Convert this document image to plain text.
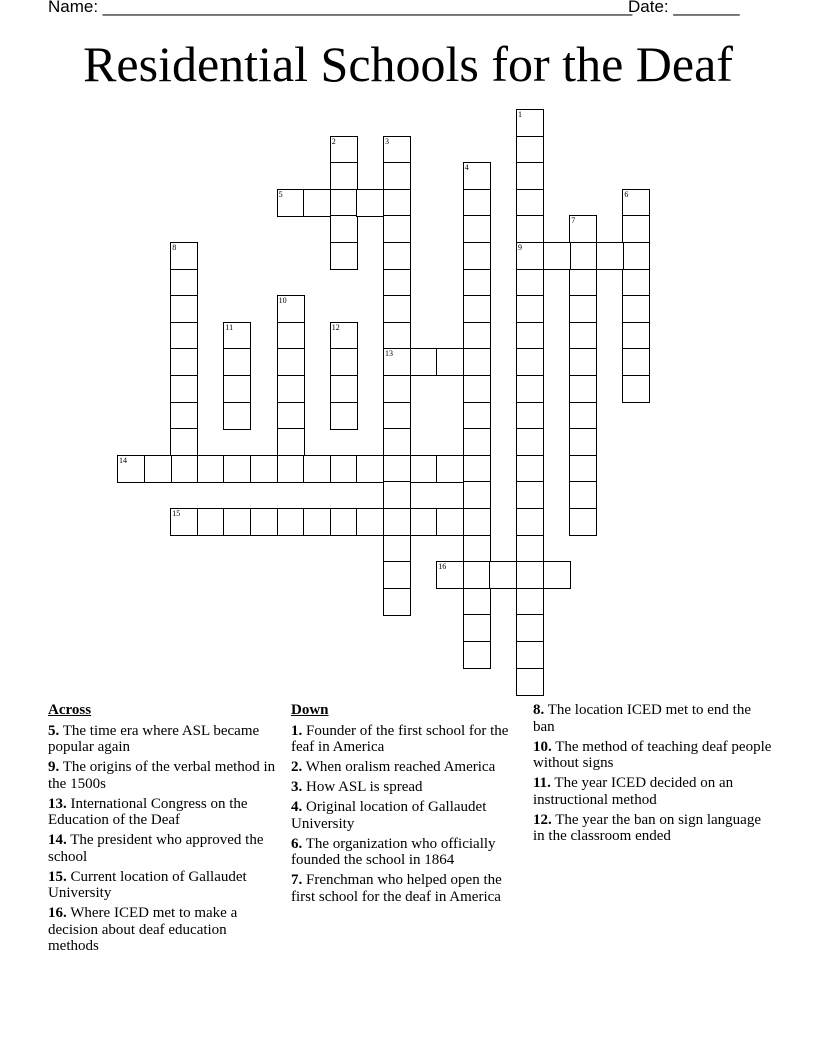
Name: ________________________________________________________
Date: _______
Residential Schools for the Deaf
1
9
2	3
13
4
5	6
7
8
10
11	12
14
15
16
Across
5. The time era where ASL became popular again
9. The origins of the verbal method in the 1500s
13. International Congress on the Education of the Deaf
14. The president who approved the school
15. Current location of Gallaudet University
16. Where ICED met to make a decision about deaf education methods
Down
1. Founder of the first school for the feaf in America
2. When oralism reached America
3. How ASL is spread
4. Original location of Gallaudet University
6. The organization who officially founded the school in 1864
7. Frenchman who helped open the first school for the deaf in America
8. The location ICED met to end the ban
10. The method of teaching deaf people without signs
11. The year ICED decided on an instructional method
12. The year the ban on sign language in the classroom ended
